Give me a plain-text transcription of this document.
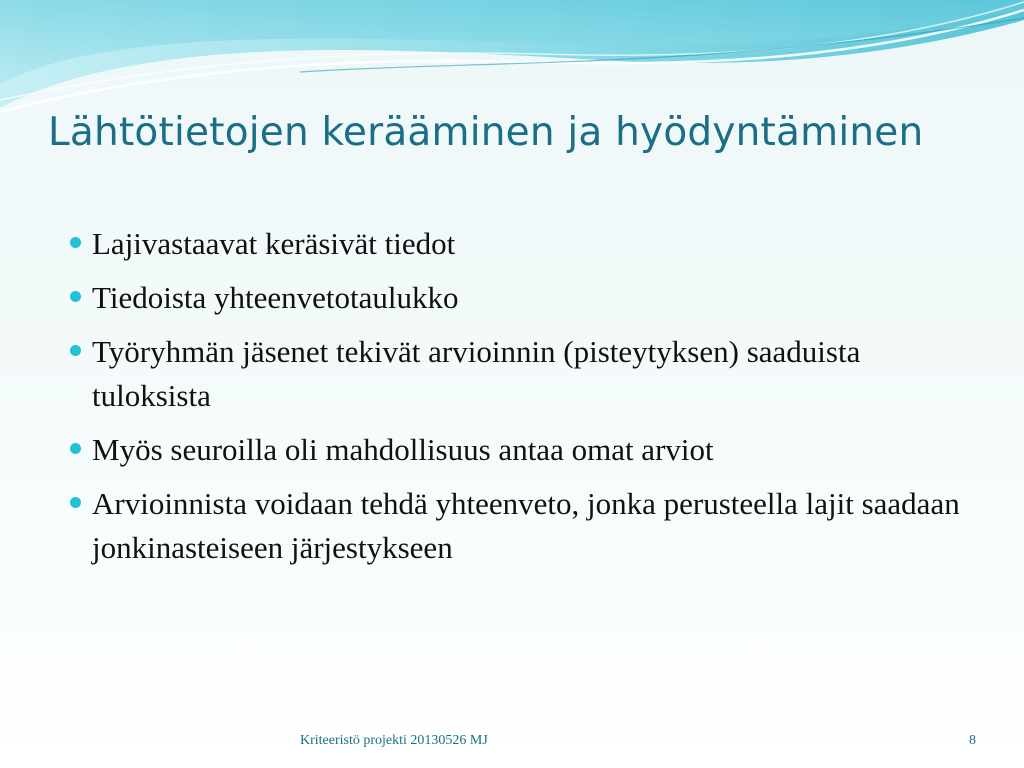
Lähtötietojen kerääminen ja hyödyntäminen
Lajivastaavat keräsivät tiedot
Tiedoista yhteenvetotaulukko
Työryhmän jäsenet tekivät arvioinnin (pisteytyksen) saaduista tuloksista
Myös seuroilla oli mahdollisuus antaa omat arviot
Arvioinnista voidaan tehdä yhteenveto, jonka perusteella lajit saadaan jonkinasteiseen järjestykseen
Kriteeristö projekti 20130526 MJ	8
